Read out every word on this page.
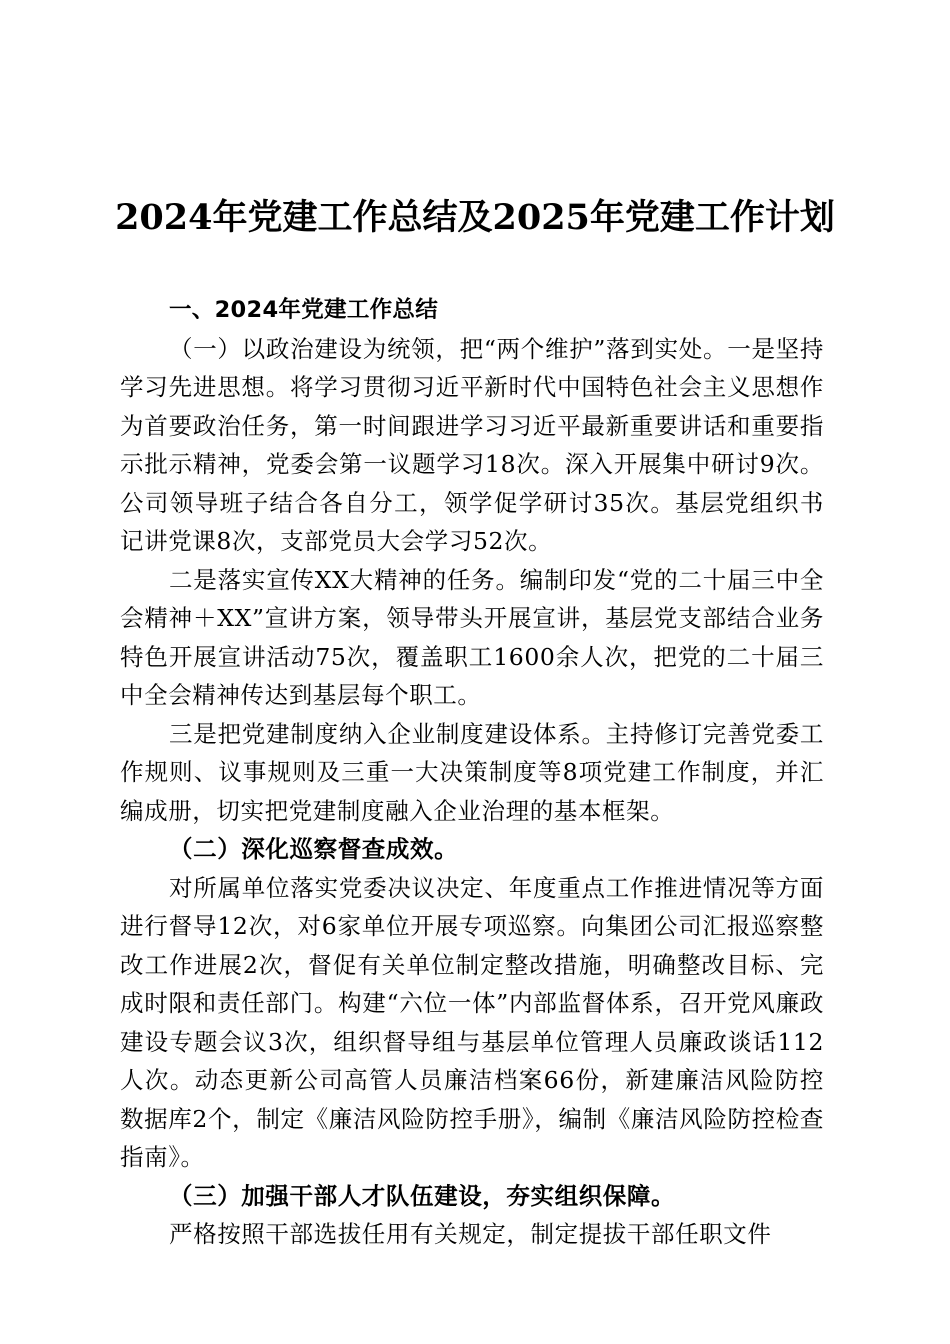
2024年党建工作总结及2025年党建工作计划

一、2024年党建工作总结

（一）以政治建设为统领，把“两个维护”落到实处。一是坚持学习先进思想。将学习贯彻习近平新时代中国特色社会主义思想作为首要政治任务，第一时间跟进学习习近平最新重要讲话和重要指示批示精神，党委会第一议题学习18次。深入开展集中研讨9次。公司领导班子结合各自分工，领学促学研讨35次。基层党组织书记讲党课8次，支部党员大会学习52次。

二是落实宣传XX大精神的任务。编制印发“党的二十届三中全会精神＋XX”宣讲方案，领导带头开展宣讲，基层党支部结合业务特色开展宣讲活动75次，覆盖职工1600余人次，把党的二十届三中全会精神传达到基层每个职工。

三是把党建制度纳入企业制度建设体系。主持修订完善党委工作规则、议事规则及三重一大决策制度等8项党建工作制度，并汇编成册，切实把党建制度融入企业治理的基本框架。

（二）深化巡察督查成效。

对所属单位落实党委决议决定、年度重点工作推进情况等方面进行督导12次，对6家单位开展专项巡察。向集团公司汇报巡察整改工作进展2次，督促有关单位制定整改措施，明确整改目标、完成时限和责任部门。构建“六位一体”内部监督体系，召开党风廉政建设专题会议3次，组织督导组与基层单位管理人员廉政谈话112人次。动态更新公司高管人员廉洁档案66份，新建廉洁风险防控数据库2个，制定《廉洁风险防控手册》，编制《廉洁风险防控检查指南》。

（三）加强干部人才队伍建设，夯实组织保障。

严格按照干部选拔任用有关规定，制定提拔干部任职文件
